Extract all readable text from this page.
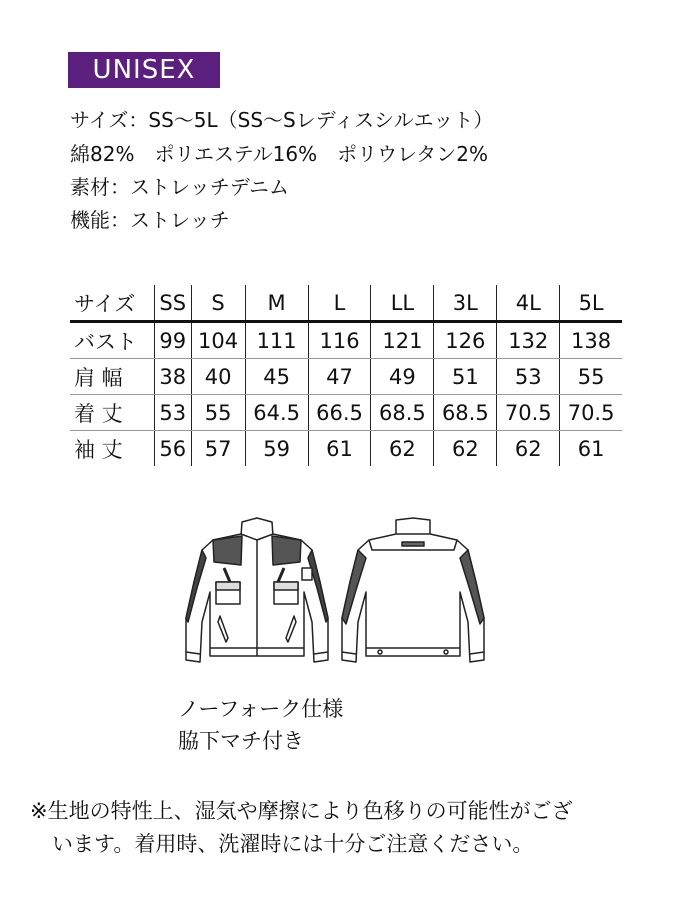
UNISEX
サイズ：SS〜5L（SS〜Sレディスシルエット）
綿82%　ポリエステル16%　ポリウレタン2%
素材：ストレッチデニム
機能：ストレッチ
サイズ	SS	S	M	L	LL	3L	4L	5L
バスト	99	104	111	116	121	126	132	138
肩 幅	38	40	45	47	49	51	53	55
着 丈	53	55	64.5	66.5	68.5	68.5	70.5	70.5
袖 丈	56	57	59	61	62	62	62	61
ノーフォーク仕様
脇下マチ付き
※生地の特性上、湿気や摩擦により色移りの可能性がござ
います。着用時、洗濯時には十分ご注意ください。
